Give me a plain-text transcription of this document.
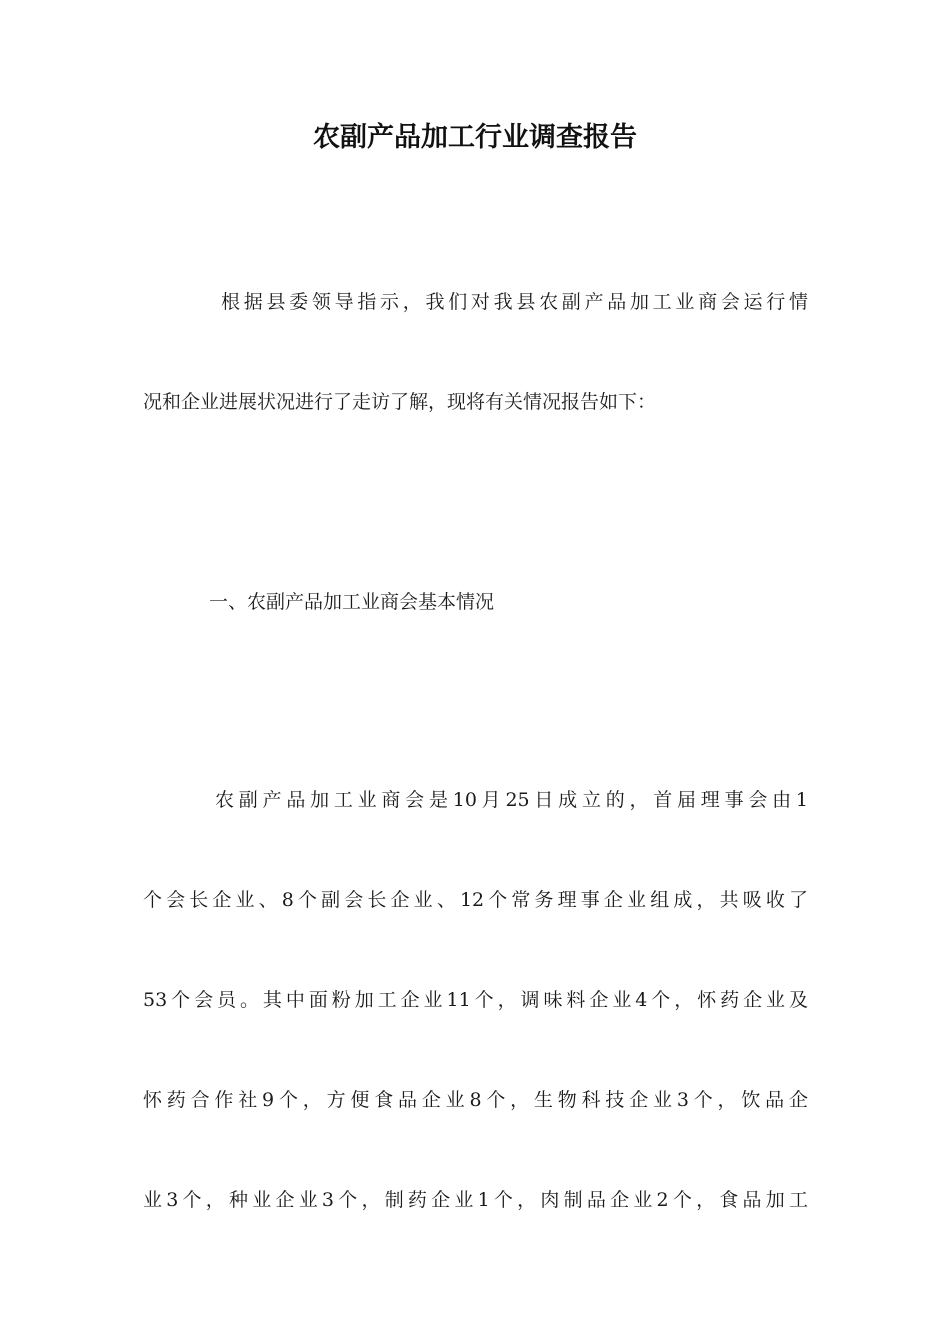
农副产品加工行业调查报告
根据县委领导指示，我们对我县农副产品加工业商会运行情
况和企业进展状况进行了走访了解，现将有关情况报告如下：
一、农副产品加工业商会基本情况
农副产品加工业商会是10月25日成立的，首届理事会由1
个会长企业、8个副会长企业、12个常务理事企业组成，共吸收了
53个会员。其中面粉加工企业11个，调味料企业4个，怀药企业及
怀药合作社9个，方便食品企业8个，生物科技企业3个，饮品企
业3个，种业企业3个，制药企业1个，肉制品企业2个，食品加工
